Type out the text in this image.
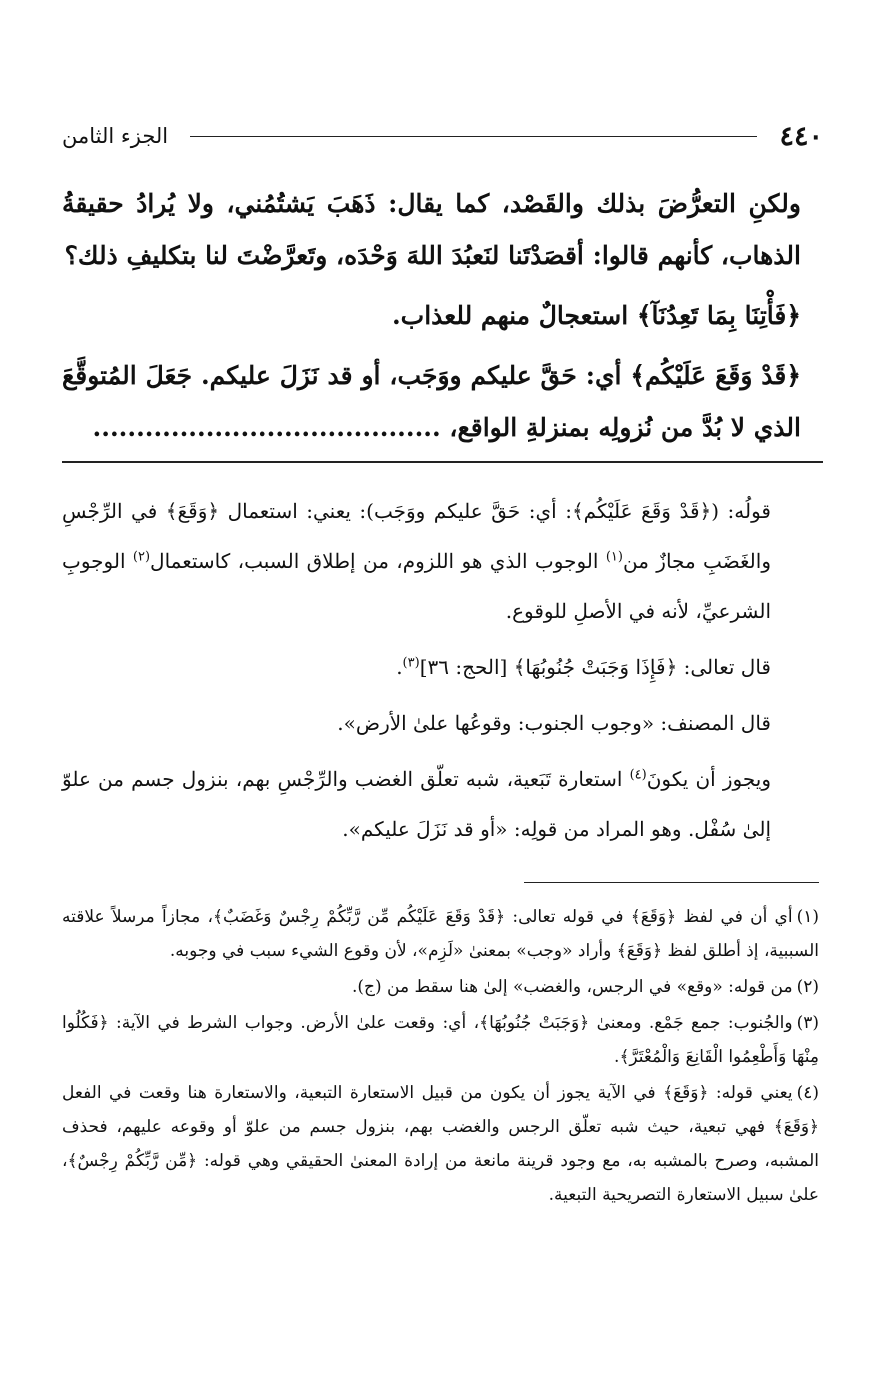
٤٤٠
الجزء الثامن

ولكنِ التعرُّضَ بذلك والقَصْد، كما يقال: ذَهَبَ يَشتُمُني، ولا يُرادُ حقيقةُ الذهاب، كأنهم قالوا: أقصَدْتَنا لنَعبُدَ اللهَ وَحْدَه، وتَعرَّضْتَ لنا بتكليفِ ذلك؟

﴿فَأْتِنَا بِمَا تَعِدُنَآ﴾ استعجالٌ منهم للعذاب.

﴿قَدْ وَقَعَ عَلَيْكُم﴾ أي: حَقَّ عليكم ووَجَب، أو قد نَزَلَ عليكم. جَعَلَ المُتوقَّعَ الذي لا بُدَّ من نُزولِه بمنزلةِ الواقع، ........................................

قولُه: (﴿قَدْ وَقَعَ عَلَيْكُم﴾: أي: حَقَّ عليكم ووَجَب): يعني: استعمال ﴿وَقَعَ﴾ في الرِّجْسِ والغَضَبِ مجازٌ من$^{(١)}$ الوجوب الذي هو اللزوم، من إطلاق السبب، كاستعمال$^{(٢)}$ الوجوبِ الشرعيِّ، لأنه في الأصلِ للوقوع.

قال تعالى: ﴿فَإِذَا وَجَبَتْ جُنُوبُهَا﴾ [الحج: ٣٦]$^{(٣)}$.

قال المصنف: «وجوب الجنوب: وقوعُها علىٰ الأرض».

ويجوز أن يكونَ$^{(٤)}$ استعارة تَبَعية، شبه تعلّق الغضب والرِّجْسِ بهم، بنزول جسم من علوّ إلىٰ سُفْل. وهو المراد من قولِه: «أو قد نَزَلَ عليكم».

(١)أي أن في لفظ ﴿وَقَعَ﴾ في قوله تعالى: ﴿قَدْ وَقَعَ عَلَيْكُم مِّن رَّبِّكُمْ رِجْسٌ وَغَضَبٌ﴾، مجازاً مرسلاً علاقته السببية، إذ أطلق لفظ ﴿وَقَعَ﴾ وأراد «وجب» بمعنىٰ «لَزِم»، لأن وقوع الشيء سبب في وجوبه.
(٢)من قوله: «وقع» في الرجس، والغضب» إلىٰ هنا سقط من (ج).
(٣)والجُنوب: جمع جَمْع. ومعنىٰ ﴿وَجَبَتْ جُنُوبُهَا﴾، أي: وقعت علىٰ الأرض. وجواب الشرط في الآية: ﴿فَكُلُوا مِنْهَا وَأَطْعِمُوا الْقَانِعَ وَالْمُعْتَرَّ﴾.
(٤)يعني قوله: ﴿وَقَعَ﴾ في الآية يجوز أن يكون من قبيل الاستعارة التبعية، والاستعارة هنا وقعت في الفعل ﴿وَقَعَ﴾ فهي تبعية، حيث شبه تعلّق الرجس والغضب بهم، بنزول جسم من علوّ أو وقوعه عليهم، فحذف المشبه، وصرح بالمشبه به، مع وجود قرينة مانعة من إرادة المعنىٰ الحقيقي وهي قوله: ﴿مِّن رَّبِّكُمْ رِجْسٌ﴾، علىٰ سبيل الاستعارة التصريحية التبعية.
